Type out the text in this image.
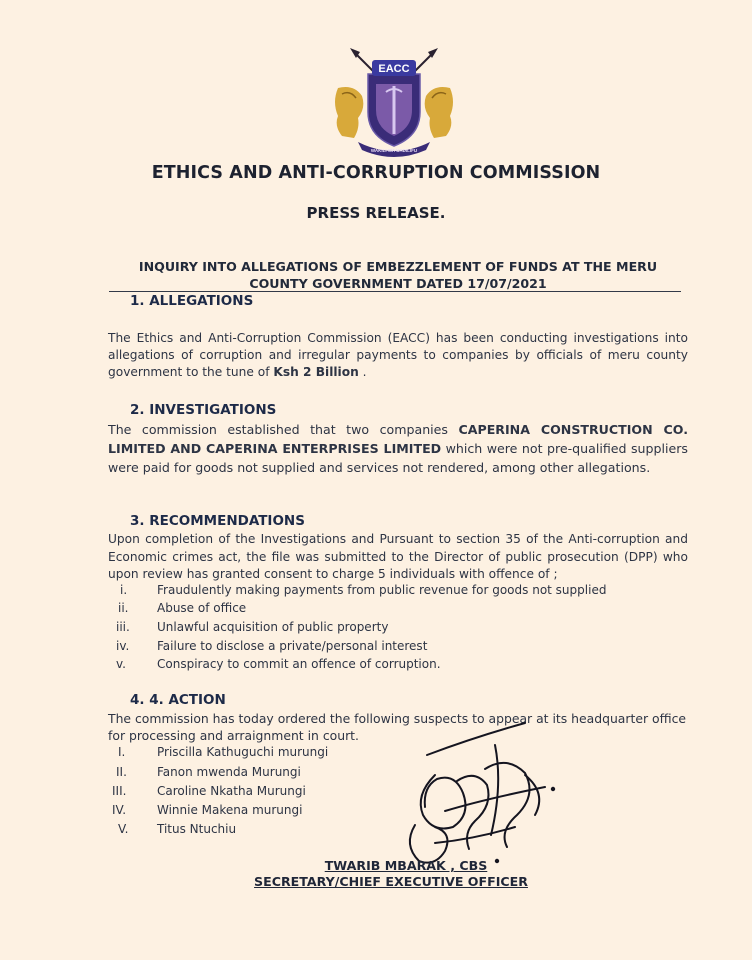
EACC
WAKILI WA UADILIFU
ETHICS AND ANTI-CORRUPTION COMMISSION
PRESS RELEASE.
INQUIRY INTO ALLEGATIONS OF EMBEZZLEMENT OF FUNDS AT THE MERU
COUNTY GOVERNMENT DATED 17/07/2021
1. ALLEGATIONS
The Ethics and Anti-Corruption Commission (EACC) has been conducting investigations into allegations of corruption and irregular payments to companies by officials of meru county government to the tune of Ksh 2 Billion .
2. INVESTIGATIONS
The commission established that two companies CAPERINA CONSTRUCTION CO. LIMITED AND CAPERINA ENTERPRISES LIMITED which were not pre-qualified suppliers were paid for goods not supplied and services not rendered, among other allegations.
3. RECOMMENDATIONS
Upon completion of the Investigations and Pursuant to section 35 of the Anti-corruption and Economic crimes act, the file was submitted to the Director of public prosecution (DPP) who upon review has granted consent to charge 5 individuals with offence of ;
i.	Fraudulently making payments from public revenue for goods not supplied
ii.	Abuse of office
iii.	Unlawful acquisition of public property
iv.	Failure to disclose a private/personal interest
v.	Conspiracy to commit an offence of corruption.
4. 4. ACTION
The commission has today ordered the following suspects to appear at its headquarter office for processing and arraignment in court.
I.	Priscilla Kathuguchi murungi
II.	Fanon mwenda Murungi
III.	Caroline Nkatha Murungi
IV.	Winnie Makena murungi
V.	Titus Ntuchiu
TWARIB MBARAK , CBS
SECRETARY/CHIEF EXECUTIVE OFFICER
